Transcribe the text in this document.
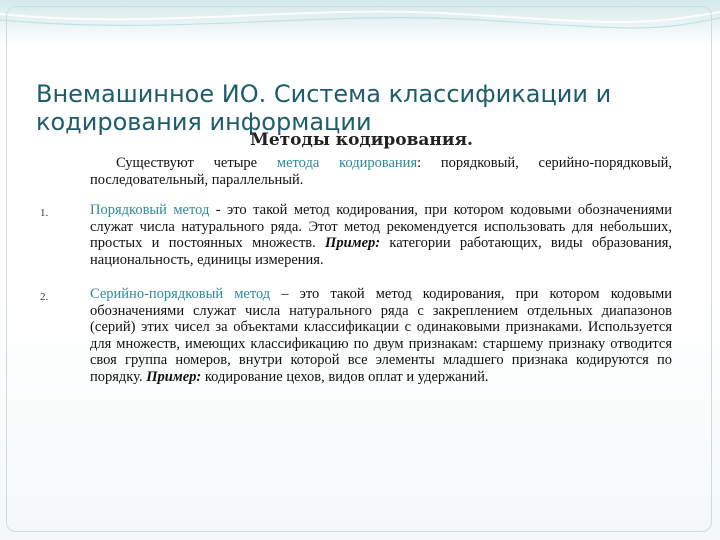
Внемашинное ИО. Система классификации и кодирования информации
Методы кодирования.

Существуют четыре метода кодирования: порядковый, серийно-порядковый, последовательный, параллельный.

1.	Порядковый метод - это такой метод кодирования, при котором кодовыми обозначениями служат числа натурального ряда. Этот метод рекомендуется использовать для небольших, простых и постоянных множеств. Пример: категории работающих, виды образования, национальность, единицы измерения.

2.	Серийно-порядковый метод – это такой метод кодирования, при котором кодовыми обозначениями служат числа натурального ряда с закреплением отдельных диапазонов (серий) этих чисел за объектами классификации с одинаковыми признаками. Используется для множеств, имеющих классификацию по двум признакам: старшему признаку отводится своя группа номеров, внутри которой все элементы младшего признака кодируются по порядку. Пример: кодирование цехов, видов оплат и удержаний.
